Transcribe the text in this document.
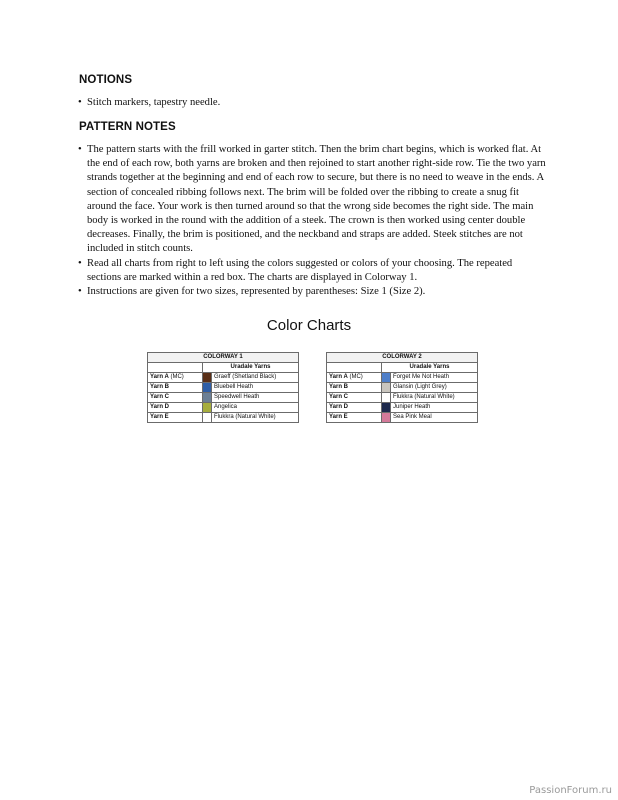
NOTIONS
• Stitch markers, tapestry needle.
PATTERN NOTES
• The pattern starts with the frill worked in garter stitch. Then the brim chart begins, which is worked flat. At the end of each row, both yarns are broken and then rejoined to start another right-side row. Tie the two yarn strands together at the beginning and end of each row to secure, but there is no need to weave in the ends. A section of concealed ribbing follows next. The brim will be folded over the ribbing to create a snug fit around the face. Your work is then turned around so that the wrong side becomes the right side. The main body is worked in the round with the addition of a steek. The crown is then worked using center double decreases. Finally, the brim is positioned, and the neckband and straps are added. Steek stitches are not included in stitch counts.
• Read all charts from right to left using the colors suggested or colors of your choosing. The repeated sections are marked within a red box. The charts are displayed in Colorway 1.
• Instructions are given for two sizes, represented by parentheses: Size 1 (Size 2).
Color Charts
COLORWAY 1		
	Uradale Yarns	
Yarn A (MC)		Graeff (Shetland Black)
Yarn B		Bluebell Heath
Yarn C		Speedwell Heath
Yarn D		Angelica
Yarn E		Flukkra (Natural White)
COLORWAY 2		
	Uradale Yarns	
Yarn A (MC)		Forget Me Not Heath
Yarn B		Glansin (Light Grey)
Yarn C		Flukkra (Natural White)
Yarn D		Juniper Heath
Yarn E		Sea Pink Meal
PassionForum.ru
